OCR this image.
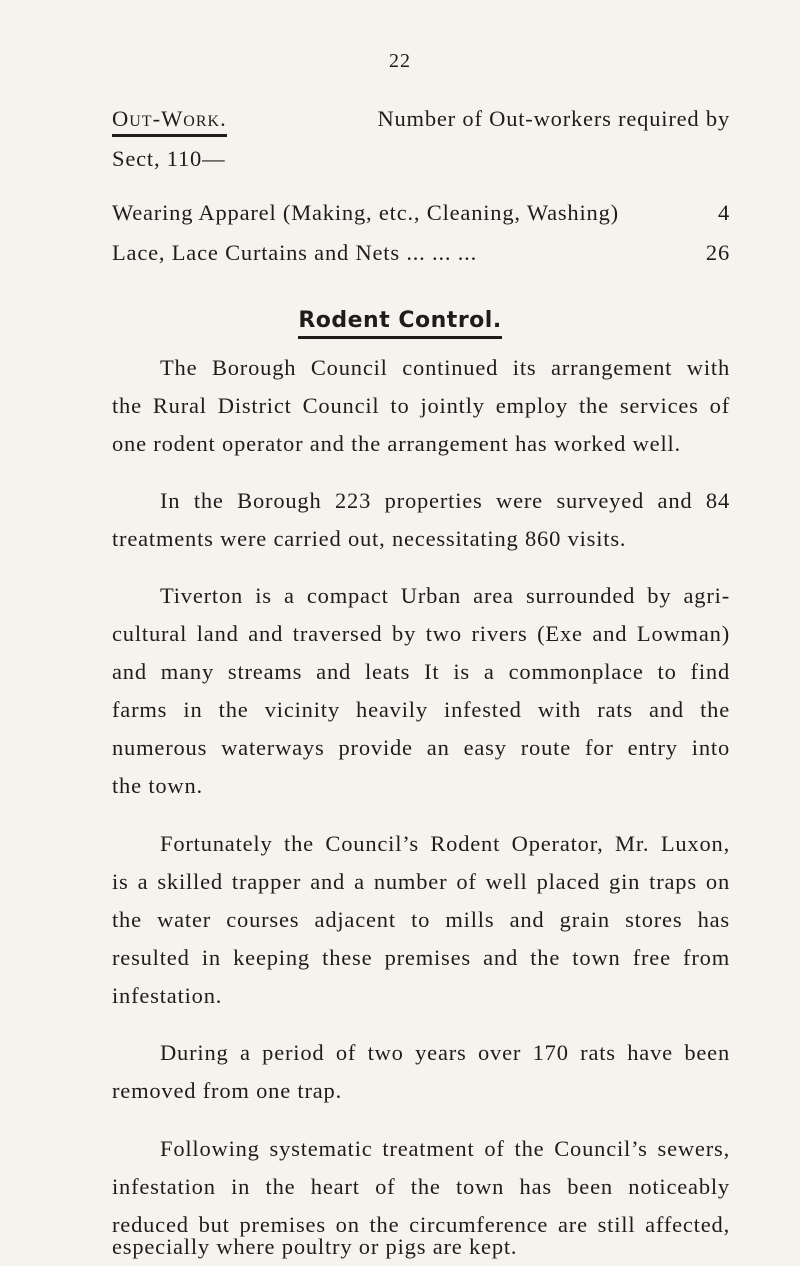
22
Out-Work.	Number of Out-workers required by
Sect, 110—
Wearing Apparel (Making, etc., Cleaning, Washing)	4
Lace, Lace Curtains and Nets ... ... ...	26
Rodent Control.
The Borough Council continued its arrangement with
the Rural District Council to jointly employ the services of
one rodent operator and the arrangement has worked well.
In the Borough 223 properties were surveyed and 84
treatments were carried out, necessitating 860 visits.
Tiverton is a compact Urban area surrounded by agri-
cultural land and traversed by two rivers (Exe and Lowman)
and many streams and leats It is a commonplace to find
farms in the vicinity heavily infested with rats and the
numerous waterways provide an easy route for entry into
the town.
Fortunately the Council’s Rodent Operator, Mr. Luxon,
is a skilled trapper and a number of well placed gin traps on
the water courses adjacent to mills and grain stores has
resulted in keeping these premises and the town free from
infestation.
During a period of two years over 170 rats have been
removed from one trap.
Following systematic treatment of the Council’s sewers,
infestation in the heart of the town has been noticeably
reduced but premises on the circumference are still affected,
especially where poultry or pigs are kept.
